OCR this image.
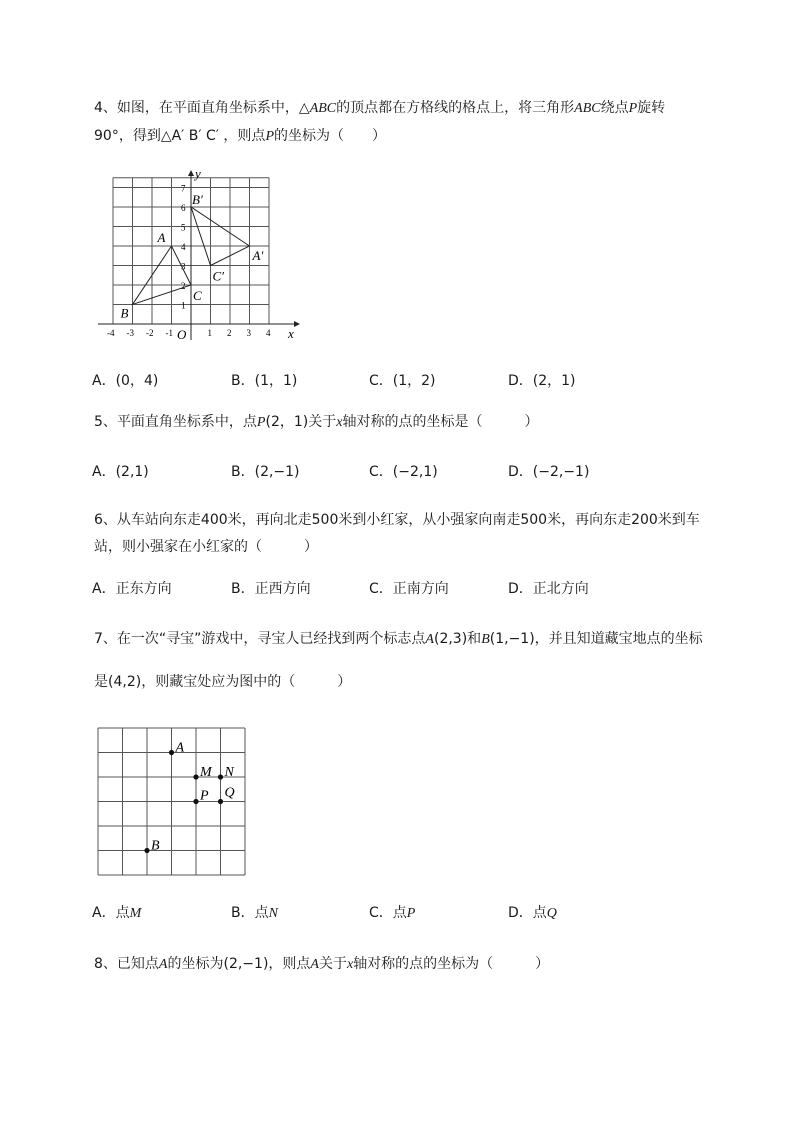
4、如图，在平面直角坐标系中，△ABC的顶点都在方格线的格点上，将三角形ABC绕点P旋转
90°，得到△A′ B′ C′ ，则点P的坐标为（　　）
x
y
O
-4 -3 -2 -1	1 2 3 4
1
2
3
4
5
6
7
A
B
C
A′
B′
C′
A．(0，4)	B．(1，1)	C．(1，2)	D．(2，1)
5、平面直角坐标系中，点P(2，1)关于x轴对称的点的坐标是（　　　）
A．(2,1)	B．(2,−1)	C．(−2,1)	D．(−2,−1)
6、从车站向东走400米，再向北走500米到小红家，从小强家向南走500米，再向东走200米到车
站，则小强家在小红家的（　　　）
A．正东方向	B．正西方向	C．正南方向	D．正北方向
7、在一次“寻宝”游戏中，寻宝人已经找到两个标志点A(2,3)和B(1,−1)，并且知道藏宝地点的坐标
是(4,2)，则藏宝处应为图中的（　　　）
A
B
M N
P Q
A．点M	B．点N	C．点P	D．点Q
8、已知点A的坐标为(2,−1)，则点A关于x轴对称的点的坐标为（　　　）
